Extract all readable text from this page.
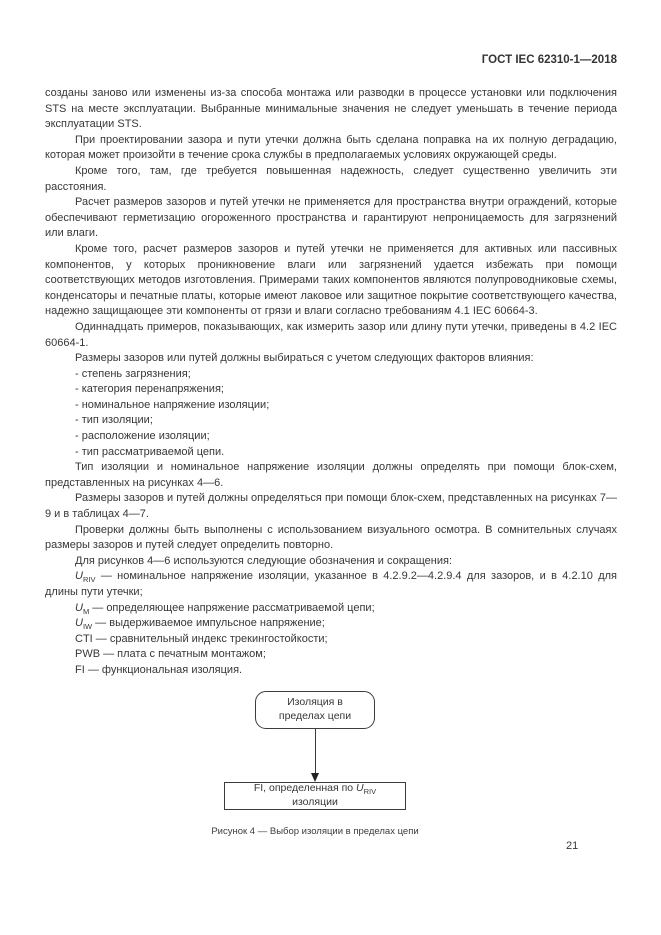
ГОСТ IEC 62310-1—2018

созданы заново или изменены из-за способа монтажа или разводки в процессе установки или подключения STS на месте эксплуатации. Выбранные минимальные значения не следует уменьшать в течение периода эксплуатации STS.

При проектировании зазора и пути утечки должна быть сделана поправка на их полную деградацию, которая может произойти в течение срока службы в предполагаемых условиях окружающей среды.

Кроме того, там, где требуется повышенная надежность, следует существенно увеличить эти расстояния.

Расчет размеров зазоров и путей утечки не применяется для пространства внутри ограждений, которые обеспечивают герметизацию огороженного пространства и гарантируют непроницаемость для загрязнений или влаги.

Кроме того, расчет размеров зазоров и путей утечки не применяется для активных или пассивных компонентов, у которых проникновение влаги или загрязнений удается избежать при помощи соответствующих методов изготовления. Примерами таких компонентов являются полупроводниковые схемы, конденсаторы и печатные платы, которые имеют лаковое или защитное покрытие соответствующего качества, надежно защищающее эти компоненты от грязи и влаги согласно требованиям 4.1 IEC 60664-3.

Одиннадцать примеров, показывающих, как измерить зазор или длину пути утечки, приведены в 4.2 IEC 60664-1.

Размеры зазоров или путей должны выбираться с учетом следующих факторов влияния:

- степень загрязнения;

- категория перенапряжения;

- номинальное напряжение изоляции;

- тип изоляции;

- расположение изоляции;

- тип рассматриваемой цепи.

Тип изоляции и номинальное напряжение изоляции должны определять при помощи блок-схем, представленных на рисунках 4—6.

Размеры зазоров и путей должны определяться при помощи блок-схем, представленных на рисунках 7—9 и в таблицах 4—7.

Проверки должны быть выполнены с использованием визуального осмотра. В сомнительных случаях размеры зазоров и путей следует определить повторно.

Для рисунков 4—6 используются следующие обозначения и сокращения:

$U_{RIV}$ — номинальное напряжение изоляции, указанное в 4.2.9.2—4.2.9.4 для зазоров, и в 4.2.10 для длины пути утечки;

$U_M$ — определяющее напряжение рассматриваемой цепи;

$U_{IW}$ — выдерживаемое импульсное напряжение;

CTI — сравнительный индекс трекингостойкости;

PWB — плата с печатным монтажом;

FI — функциональная изоляция.

Изоляция в пределах цепи
FI, определенная по $U_{RIV}$ изоляции
Рисунок 4 — Выбор изоляции в пределах цепи
21
